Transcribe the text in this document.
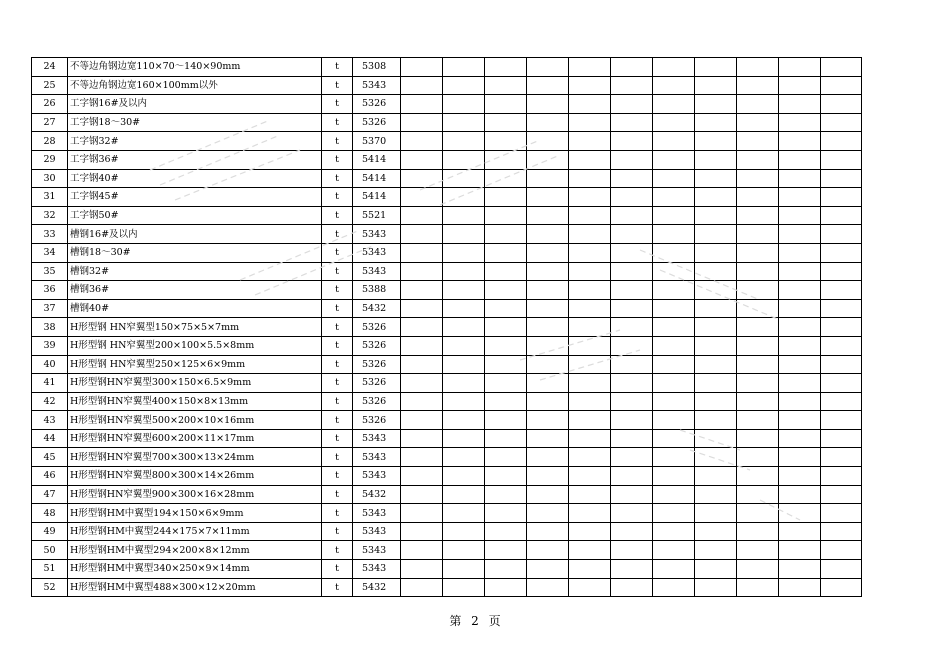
24	不等边角钢边宽110×70～140×90mm	t	5308											
25	不等边角钢边宽160×100mm以外	t	5343											
26	工字钢16#及以内	t	5326											
27	工字钢18～30#	t	5326											
28	工字钢32#	t	5370											
29	工字钢36#	t	5414											
30	工字钢40#	t	5414											
31	工字钢45#	t	5414											
32	工字钢50#	t	5521											
33	槽钢16#及以内	t	5343											
34	槽钢18～30#	t	5343											
35	槽钢32#	t	5343											
36	槽钢36#	t	5388											
37	槽钢40#	t	5432											
38	H形型钢 HN窄翼型150×75×5×7mm	t	5326											
39	H形型钢 HN窄翼型200×100×5.5×8mm	t	5326											
40	H形型钢 HN窄翼型250×125×6×9mm	t	5326											
41	H形型钢HN窄翼型300×150×6.5×9mm	t	5326											
42	H形型钢HN窄翼型400×150×8×13mm	t	5326											
43	H形型钢HN窄翼型500×200×10×16mm	t	5326											
44	H形型钢HN窄翼型600×200×11×17mm	t	5343											
45	H形型钢HN窄翼型700×300×13×24mm	t	5343											
46	H形型钢HN窄翼型800×300×14×26mm	t	5343											
47	H形型钢HN窄翼型900×300×16×28mm	t	5432											
48	H形型钢HM中翼型194×150×6×9mm	t	5343											
49	H形型钢HM中翼型244×175×7×11mm	t	5343											
50	H形型钢HM中翼型294×200×8×12mm	t	5343											
51	H形型钢HM中翼型340×250×9×14mm	t	5343											
52	H形型钢HM中翼型488×300×12×20mm	t	5432											
第 2 页
